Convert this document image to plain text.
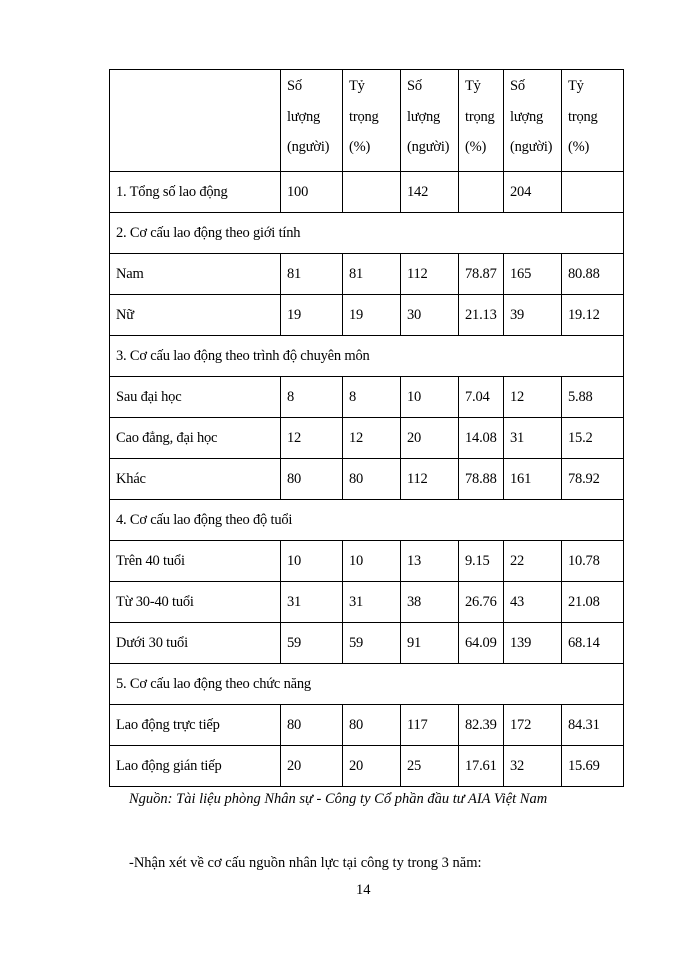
	Số
lượng
(người)	Tỷ
trọng
(%)	Số
lượng
(người)	Tỷ
trọng
(%)	Số
lượng
(người)	Tỷ
trọng
(%)

1. Tổng số lao động	100		142		204	
2. Cơ cấu lao động theo giới tính						
Nam	81	81	112	78.87	165	80.88
Nữ	19	19	30	21.13	39	19.12
3. Cơ cấu lao động theo trình độ chuyên môn						
Sau đại học	8	8	10	7.04	12	5.88
Cao đẳng, đại học	12	12	20	14.08	31	15.2
Khác	80	80	112	78.88	161	78.92
4. Cơ cấu lao động theo độ tuổi						
Trên 40 tuổi	10	10	13	9.15	22	10.78
Từ 30-40 tuổi	31	31	38	26.76	43	21.08
Dưới 30 tuổi	59	59	91	64.09	139	68.14
5. Cơ cấu lao động theo chức năng						
Lao động trực tiếp	80	80	117	82.39	172	84.31
Lao động gián tiếp	20	20	25	17.61	32	15.69
Nguồn: Tài liệu phòng Nhân sự - Công ty Cổ phần đầu tư AIA Việt Nam
-Nhận xét về cơ cấu nguồn nhân lực tại công ty trong 3 năm:
14
